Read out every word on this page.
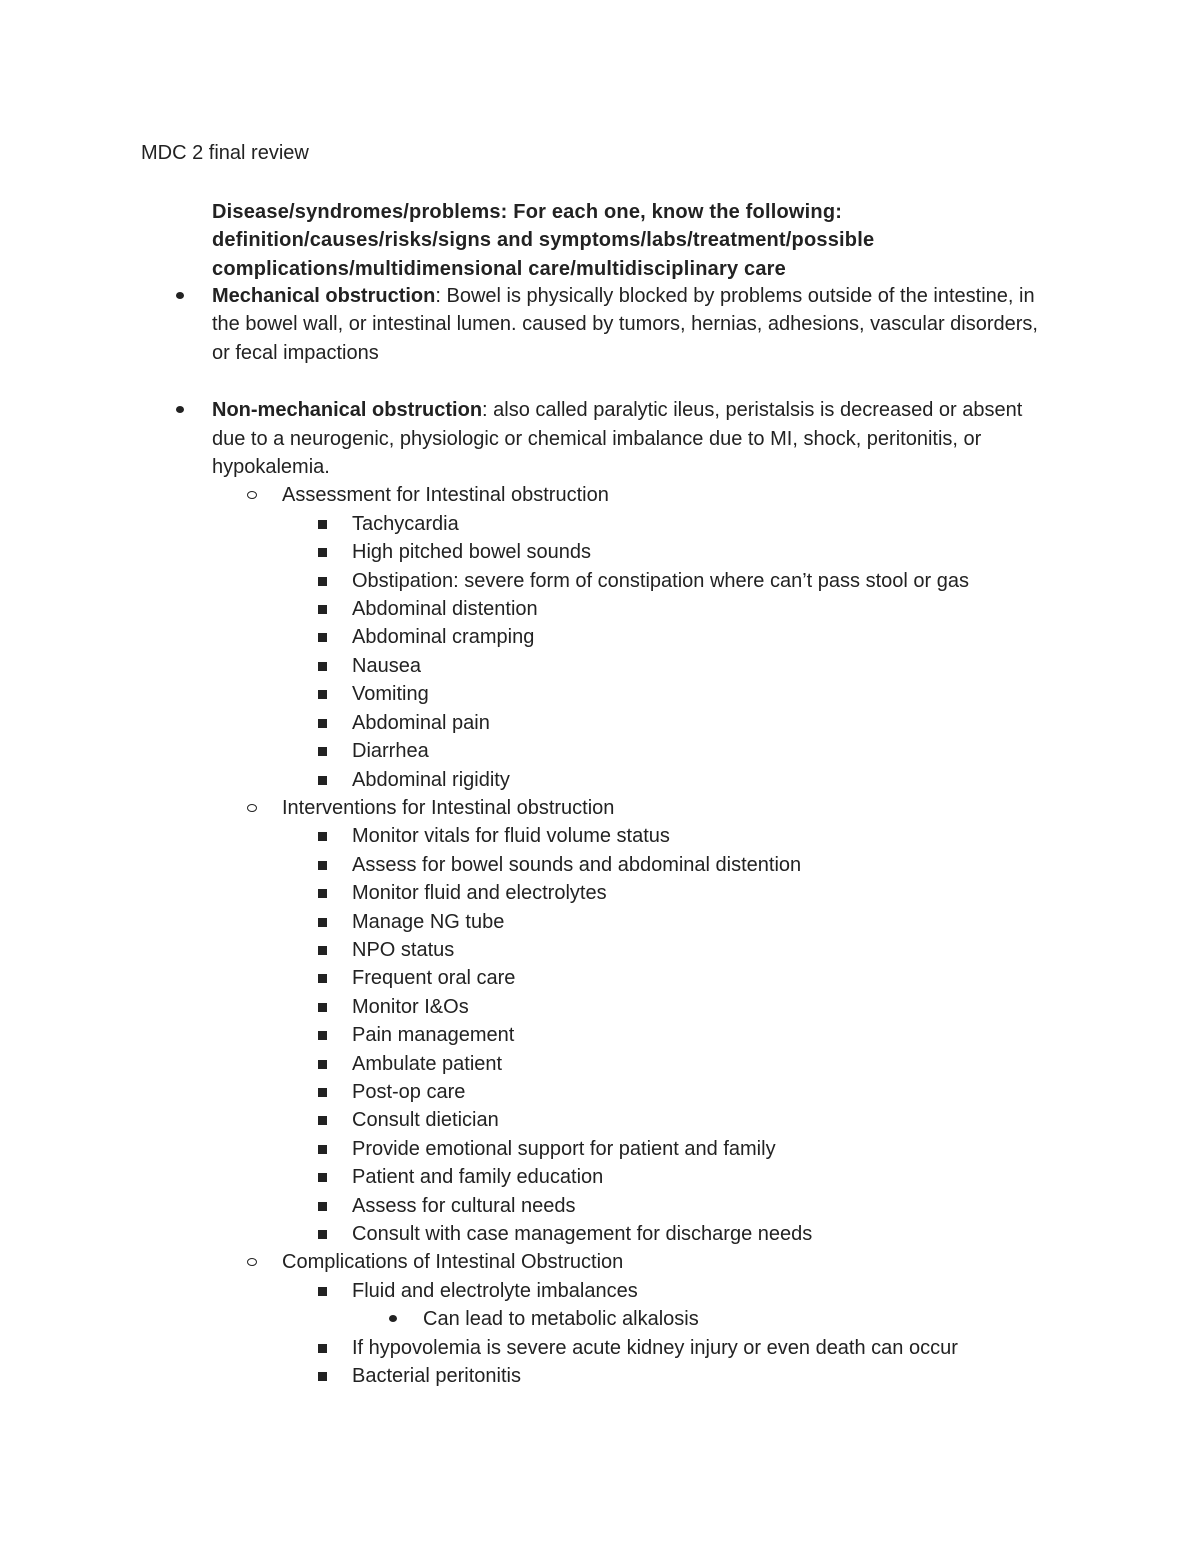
MDC 2 final review
Disease/syndromes/problems: For each one, know the following:
definition/causes/risks/signs and symptoms/labs/treatment/possible
complications/multidimensional care/multidisciplinary care
Mechanical obstruction: Bowel is physically blocked by problems outside of the intestine, in the bowel wall, or intestinal lumen. caused by tumors, hernias, adhesions, vascular disorders, or fecal impactions
Non-mechanical obstruction: also called paralytic ileus, peristalsis is decreased or absent due to a neurogenic, physiologic or chemical imbalance due to MI, shock, peritonitis, or hypokalemia.
Assessment for Intestinal obstruction
Tachycardia
High pitched bowel sounds
Obstipation: severe form of constipation where can’t pass stool or gas
Abdominal distention
Abdominal cramping
Nausea
Vomiting
Abdominal pain
Diarrhea
Abdominal rigidity
Interventions for Intestinal obstruction
Monitor vitals for fluid volume status
Assess for bowel sounds and abdominal distention
Monitor fluid and electrolytes
Manage NG tube
NPO status
Frequent oral care
Monitor I&Os
Pain management
Ambulate patient
Post-op care
Consult dietician
Provide emotional support for patient and family
Patient and family education
Assess for cultural needs
Consult with case management for discharge needs
Complications of Intestinal Obstruction
Fluid and electrolyte imbalances
Can lead to metabolic alkalosis
If hypovolemia is severe acute kidney injury or even death can occur
Bacterial peritonitis
